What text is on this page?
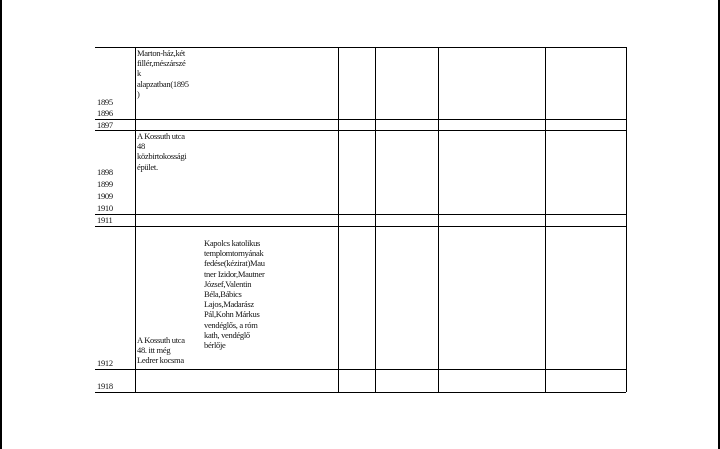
1895
1896
Marton-ház,két
fillér,mészárszé
k
alapzatban(1895
)
1897
A Kossuth utca
48
közbirtokossági
épület.
1898
1899
1909
1910
1911
Kapolcs katolikus
templomtornyának
fedése(kézirat)Mau
tner Izidor,Mautner
József,Valentin
Béla,Bábics
Lajos,Madarász
Pál,Kohn Márkus
vendéglős, a róm
kath, vendéglő
bérlője
A Kossuth utca
48. itt még
Ledrer kocsma
1912
1918
